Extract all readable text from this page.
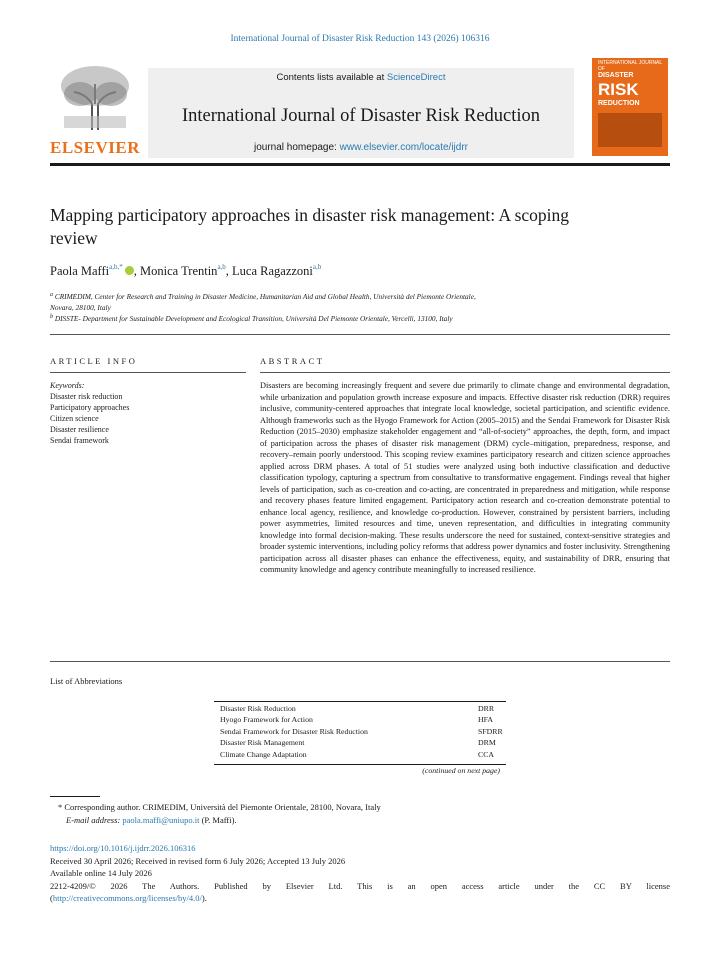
International Journal of Disaster Risk Reduction 143 (2026) 106316
ELSEVIER
Contents lists available at ScienceDirect
International Journal of Disaster Risk Reduction
journal homepage: www.elsevier.com/locate/ijdrr
INTERNATIONAL JOURNAL OF
DISASTER
RISK
REDUCTION
Mapping participatory approaches in disaster risk management: A scoping review
Paola Maffi$^{a,b,*}$ , Monica Trentin$^{a,b}$, Luca Ragazzoni$^{a,b}$
$^a$ CRIMEDIM, Center for Research and Training in Disaster Medicine, Humanitarian Aid and Global Health, Università del Piemonte Orientale,
Novara, 28100, Italy
$^b$ DISSTE- Department for Sustainable Development and Ecological Transition, Università Del Piemonte Orientale, Vercelli, 13100, Italy
ARTICLE INFO	ABSTRACT
Keywords:
Disaster risk reduction
Participatory approaches
Citizen science
Disaster resilience
Sendai framework
Disasters are becoming increasingly frequent and severe due primarily to climate change and environmental degradation, while urbanization and population growth increase exposure and impacts. Effective disaster risk reduction (DRR) requires inclusive, community-centered approaches that integrate local knowledge, societal participation, and scientific evidence. Although frameworks such as the Hyogo Framework for Action (2005–2015) and the Sendai Framework for Disaster Risk Reduction (2015–2030) emphasize stakeholder engagement and “all-of-society” approaches, the depth, form, and impact of participation across the phases of disaster risk management (DRM) cycle–mitigation, preparedness, response, and recovery–remain poorly understood. This scoping review examines participatory research and citizen science approaches applied across DRM phases. A total of 51 studies were analyzed using both inductive classification and deductive classification typology, capturing a spectrum from consultative to transformative engagement. Findings reveal that higher levels of participation, such as co-creation and co-acting, are concentrated in preparedness and mitigation, while response and recovery phases feature limited engagement. Participatory action research and co-creation demonstrate potential to enhance local agency, resilience, and knowledge co-production. However, constrained by persistent barriers, including power asymmetries, limited resources and time, uneven representation, and difficulties in integrating community knowledge into formal decision-making. These results underscore the need for sustained, context-sensitive strategies and broader systemic interventions, including policy reforms that address power dynamics and foster inclusivity. Strengthening participation across all disaster phases can enhance the effectiveness, equity, and sustainability of DRR, ensuring that community knowledge and agency contribute meaningfully to increased resilience.
List of Abbreviations
Disaster Risk Reduction	DRR
Hyogo Framework for Action	HFA
Sendai Framework for Disaster Risk Reduction	SFDRR
Disaster Risk Management	DRM
Climate Change Adaptation	CCA
(continued on next page)
* Corresponding author. CRIMEDIM, Università del Piemonte Orientale, 28100, Novara, Italy
E-mail address: paola.maffi@uniupo.it (P. Maffi).
https://doi.org/10.1016/j.ijdrr.2026.106316
Received 30 April 2026; Received in revised form 6 July 2026; Accepted 13 July 2026
Available online 14 July 2026
2212-4209/© 2026 The Authors. Published by Elsevier Ltd. This is an open access article under the CC BY license
(http://creativecommons.org/licenses/by/4.0/).
